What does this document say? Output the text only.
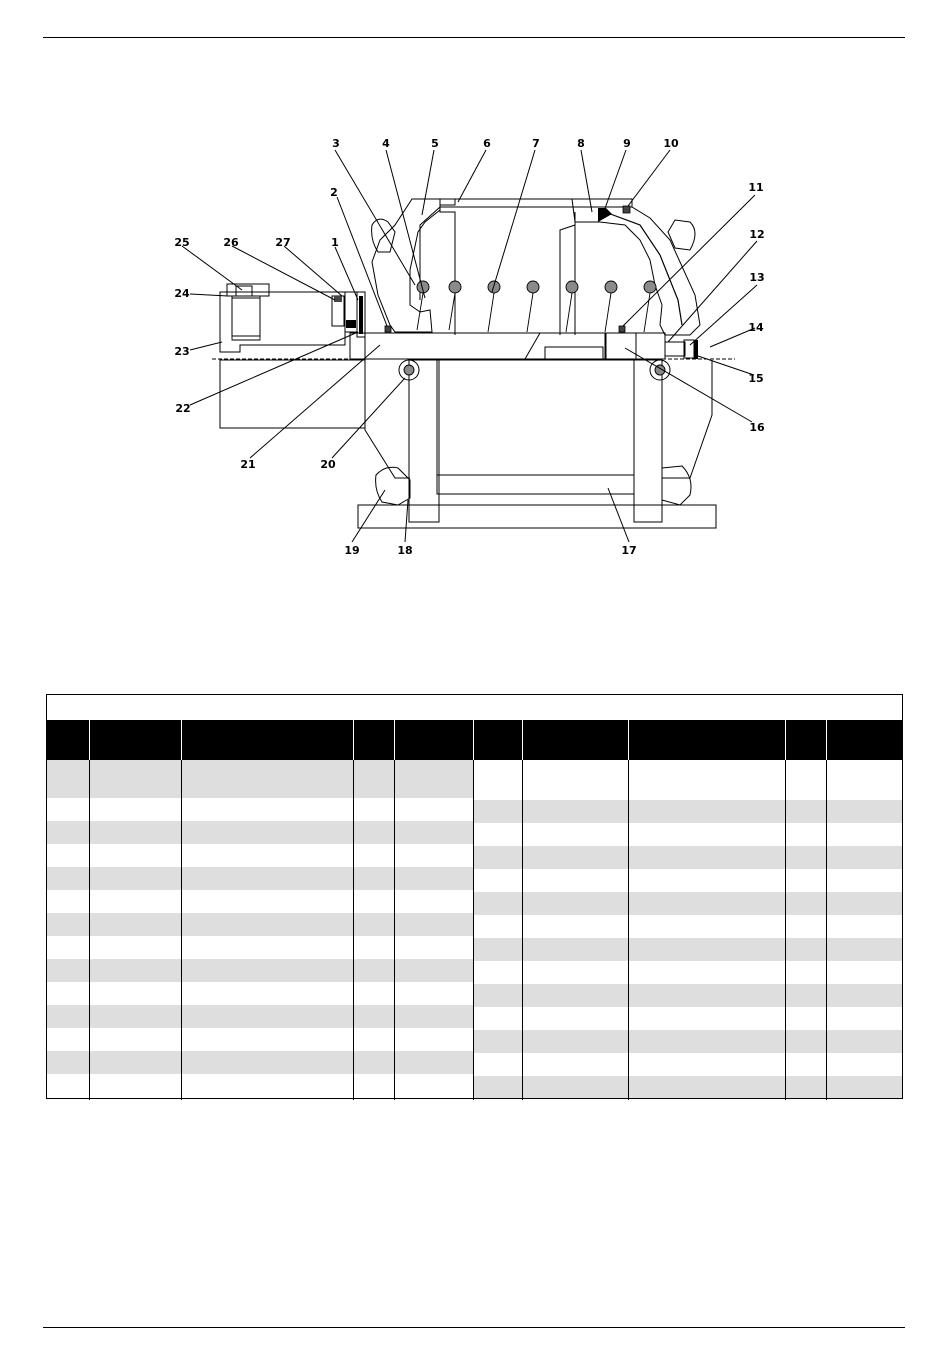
3	4	5	6	7	8	9	10
11
12
13
14
15
16
17
18
19
20
21
22
23
24
25	26	27	1
2
